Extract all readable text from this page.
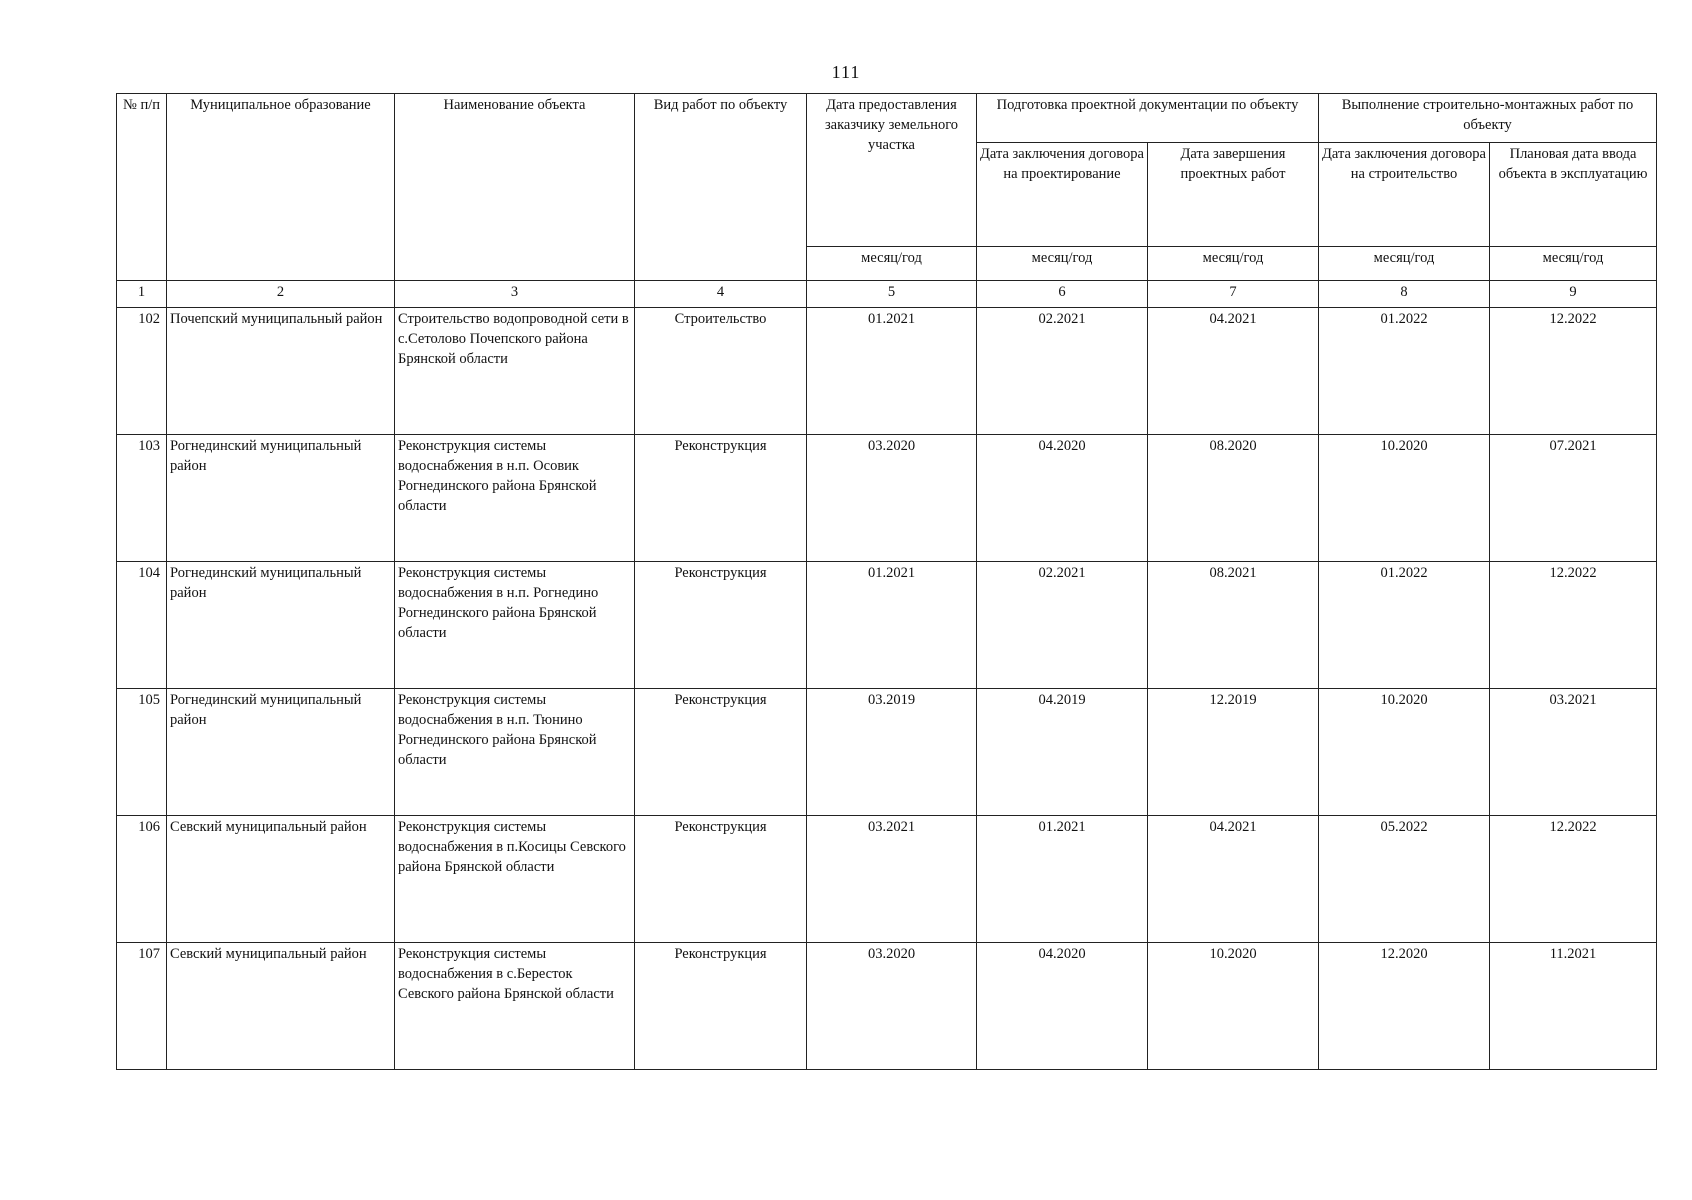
111
№ п/п	Муниципальное образование	Наименование объекта	Вид работ по объекту	Дата предоставления заказчику земельного участка	Подготовка проектной документации по объекту		Выполнение строительно-монтажных работ по объекту	
					Дата заключения договора на проектирование	Дата завершения проектных работ	Дата заключения договора на строительство	Плановая дата ввода объекта в эксплуатацию
				месяц/год	месяц/год	месяц/год	месяц/год	месяц/год
1	2	3	4	5	6	7	8	9
102	Почепский муниципальный район	Строительство водопроводной сети в с.Сетолово Почепского района Брянской области	Строительство	01.2021	02.2021	04.2021	01.2022	12.2022
103	Рогнединский муниципальный район	Реконструкция системы водоснабжения в н.п. Осовик Рогнединского района Брянской области	Реконструкция	03.2020	04.2020	08.2020	10.2020	07.2021
104	Рогнединский муниципальный район	Реконструкция системы водоснабжения в н.п. Рогнедино Рогнединского района Брянской области	Реконструкция	01.2021	02.2021	08.2021	01.2022	12.2022
105	Рогнединский муниципальный район	Реконструкция системы водоснабжения в н.п. Тюнино Рогнединского района Брянской области	Реконструкция	03.2019	04.2019	12.2019	10.2020	03.2021
106	Севский муниципальный район	Реконструкция системы водоснабжения в п.Косицы Севского района Брянской области	Реконструкция	03.2021	01.2021	04.2021	05.2022	12.2022
107	Севский муниципальный район	Реконструкция системы водоснабжения в с.Бересток Севского района Брянской области	Реконструкция	03.2020	04.2020	10.2020	12.2020	11.2021
